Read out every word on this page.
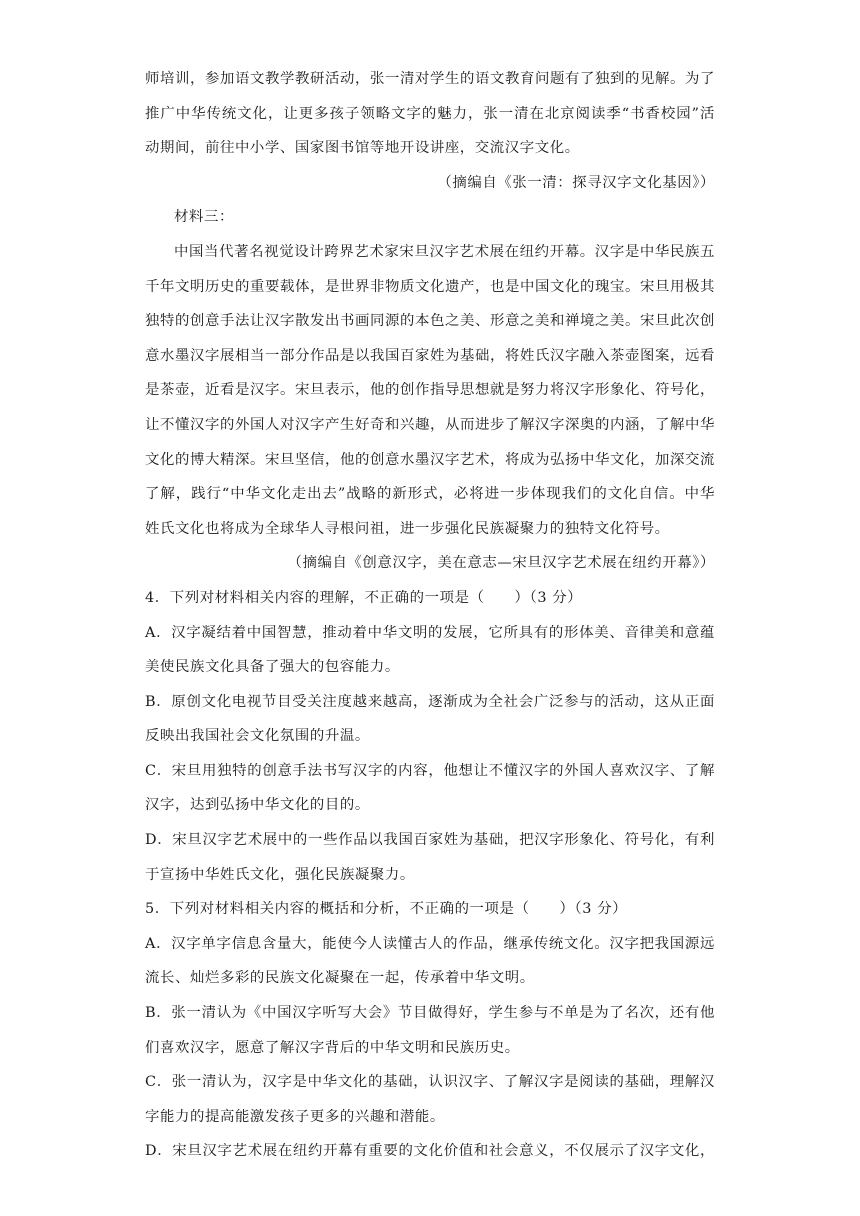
师培训，参加语文教学教研活动，张一清对学生的语文教育问题有了独到的见解。为了
推广中华传统文化，让更多孩子领略文字的魅力，张一清在北京阅读季“书香校园”活
动期间，前往中小学、国家图书馆等地开设讲座，交流汉字文化。
（摘编自《张一清：探寻汉字文化基因》）
材料三：
中国当代著名视觉设计跨界艺术家宋旦汉字艺术展在纽约开幕。汉字是中华民族五
千年文明历史的重要载体，是世界非物质文化遗产，也是中国文化的瑰宝。宋旦用极其
独特的创意手法让汉字散发出书画同源的本色之美、形意之美和禅境之美。宋旦此次创
意水墨汉字展相当一部分作品是以我国百家姓为基础，将姓氏汉字融入茶壶图案，远看
是茶壶，近看是汉字。宋旦表示，他的创作指导思想就是努力将汉字形象化、符号化，
让不懂汉字的外国人对汉字产生好奇和兴趣，从而进步了解汉字深奥的内涵，了解中华
文化的博大精深。宋旦坚信，他的创意水墨汉字艺术，将成为弘扬中华文化，加深交流
了解，践行“中华文化走出去”战略的新形式，必将进一步体现我们的文化自信。中华
姓氏文化也将成为全球华人寻根问祖，进一步强化民族凝聚力的独特文化符号。
（摘编自《创意汉字，美在意志—宋旦汉字艺术展在纽约开幕》）
4．下列对材料相关内容的理解，不正确的一项是（　　）（3 分）
A．汉字凝结着中国智慧，推动着中华文明的发展，它所具有的形体美、音律美和意蕴
美使民族文化具备了强大的包容能力。
B．原创文化电视节目受关注度越来越高，逐渐成为全社会广泛参与的活动，这从正面
反映出我国社会文化氛围的升温。
C．宋旦用独特的创意手法书写汉字的内容，他想让不懂汉字的外国人喜欢汉字、了解
汉字，达到弘扬中华文化的目的。
D．宋旦汉字艺术展中的一些作品以我国百家姓为基础，把汉字形象化、符号化，有利
于宣扬中华姓氏文化，强化民族凝聚力。
5．下列对材料相关内容的概括和分析，不正确的一项是（　　）（3 分）
A．汉字单字信息含量大，能使今人读懂古人的作品，继承传统文化。汉字把我国源远
流长、灿烂多彩的民族文化凝聚在一起，传承着中华文明。
B．张一清认为《中国汉字听写大会》节目做得好，学生参与不单是为了名次，还有他
们喜欢汉字，愿意了解汉字背后的中华文明和民族历史。
C．张一清认为，汉字是中华文化的基础，认识汉字、了解汉字是阅读的基础，理解汉
字能力的提高能激发孩子更多的兴趣和潜能。
D．宋旦汉字艺术展在纽约开幕有重要的文化价值和社会意义，不仅展示了汉字文化，
